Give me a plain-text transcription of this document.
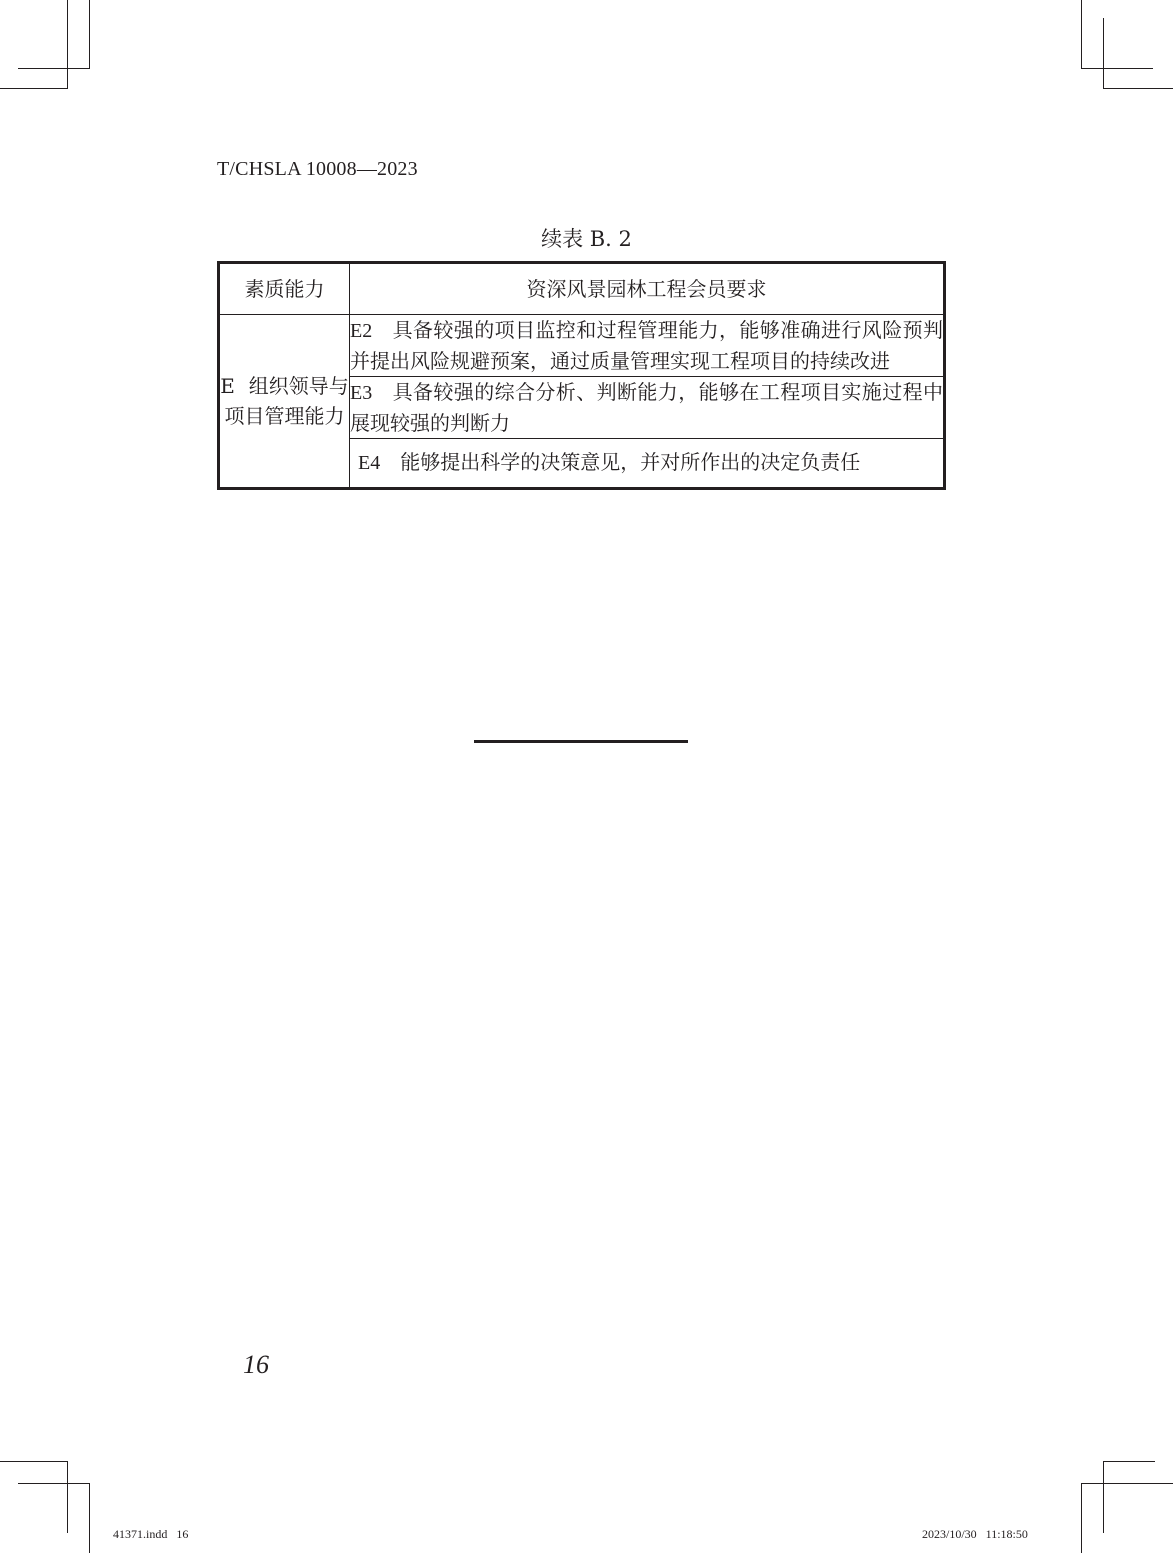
T/CHSLA 10008—2023
续表 B. 2
素质能力	资深风景园林工程会员要求
E 组织领导与项目管理能力	E2 具备较强的项目监控和过程管理能力，能够准确进行风险预判并提出风险规避预案，通过质量管理实现工程项目的持续改进
	E3 具备较强的综合分析、判断能力，能够在工程项目实施过程中展现较强的判断力
	E4 能够提出科学的决策意见，并对所作出的决定负责任
16
41371.indd   16	2023/10/30   11:18:50
